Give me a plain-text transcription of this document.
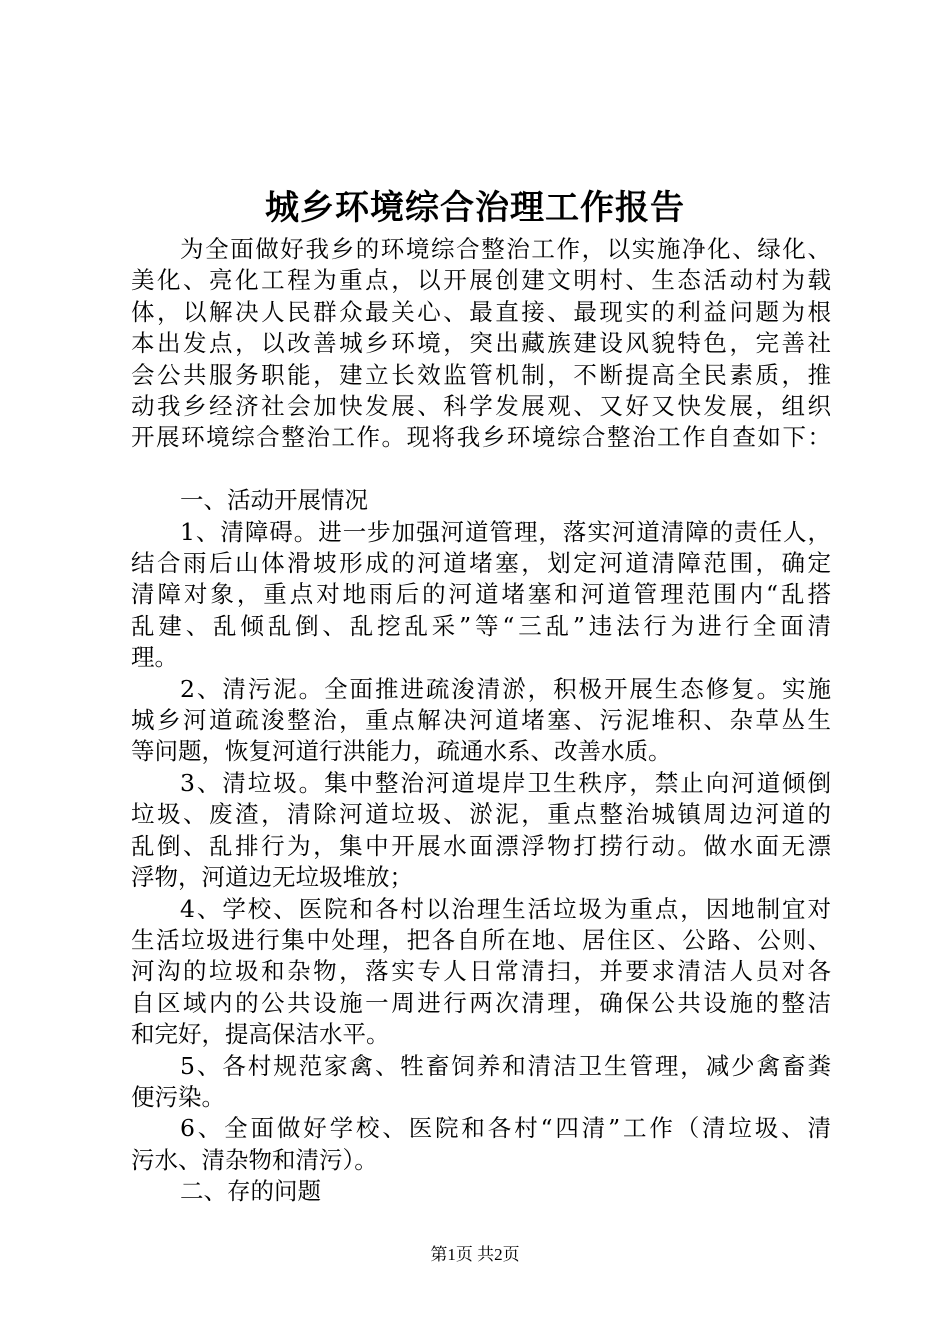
城乡环境综合治理工作报告
为全面做好我乡的环境综合整治工作，以实施净化、绿化、
美化、亮化工程为重点，以开展创建文明村、生态活动村为载
体，以解决人民群众最关心、最直接、最现实的利益问题为根
本出发点，以改善城乡环境，突出藏族建设风貌特色，完善社
会公共服务职能，建立长效监管机制，不断提高全民素质，推
动我乡经济社会加快发展、科学发展观、又好又快发展，组织
开展环境综合整治工作。现将我乡环境综合整治工作自查如下：
一、活动开展情况
1、清障碍。进一步加强河道管理，落实河道清障的责任人，
结合雨后山体滑坡形成的河道堵塞，划定河道清障范围，确定
清障对象，重点对地雨后的河道堵塞和河道管理范围内“乱搭
乱建、乱倾乱倒、乱挖乱采”等“三乱”违法行为进行全面清
理。
2、清污泥。全面推进疏浚清淤，积极开展生态修复。实施
城乡河道疏浚整治，重点解决河道堵塞、污泥堆积、杂草丛生
等问题，恢复河道行洪能力，疏通水系、改善水质。
3、清垃圾。集中整治河道堤岸卫生秩序，禁止向河道倾倒
垃圾、废渣，清除河道垃圾、淤泥，重点整治城镇周边河道的
乱倒、乱排行为，集中开展水面漂浮物打捞行动。做水面无漂
浮物，河道边无垃圾堆放；
4、学校、医院和各村以治理生活垃圾为重点，因地制宜对
生活垃圾进行集中处理，把各自所在地、居住区、公路、公则、
河沟的垃圾和杂物，落实专人日常清扫，并要求清洁人员对各
自区域内的公共设施一周进行两次清理，确保公共设施的整洁
和完好，提高保洁水平。
5、各村规范家禽、牲畜饲养和清洁卫生管理，减少禽畜粪
便污染。
6、全面做好学校、医院和各村“四清”工作（清垃圾、清
污水、清杂物和清污）。
二、存的问题
第1页 共2页
